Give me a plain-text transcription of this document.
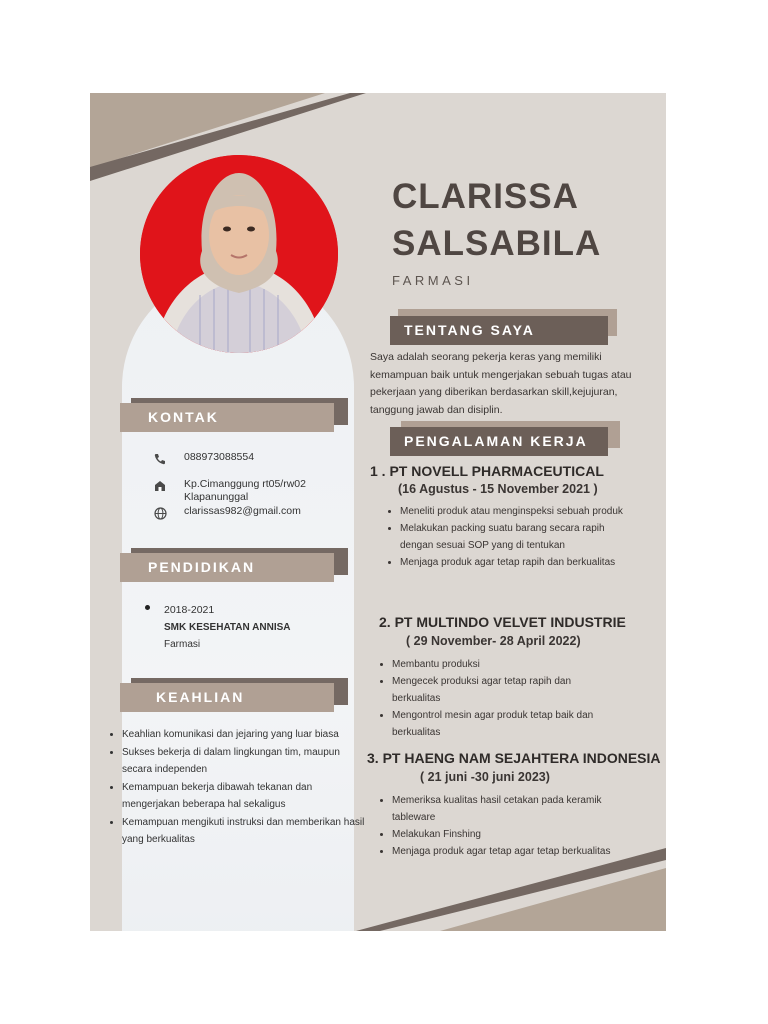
CLARISSA
SALSABILA
FARMASI
TENTANG SAYA
Saya adalah seorang pekerja keras yang memiliki kemampuan baik untuk mengerjakan sebuah tugas atau pekerjaan yang diberikan berdasarkan skill,kejujuran, tanggung jawab dan disiplin.
KONTAK
088973088554
Kp.Cimanggung rt05/rw02
Klapanunggal
clarissas982@gmail.com
PENDIDIKAN
2018-2021
SMK KESEHATAN ANNISA
Farmasi
KEAHLIAN
• Keahlian komunikasi dan jejaring yang luar biasa
• Sukses bekerja di dalam lingkungan tim, maupun secara independen
• Kemampuan bekerja dibawah tekanan dan mengerjakan beberapa hal sekaligus
• Kemampuan mengikuti instruksi dan memberikan hasil yang berkualitas
PENGALAMAN KERJA
1 . PT NOVELL PHARMACEUTICAL
(16 Agustus - 15 November 2021 )
• Meneliti produk atau menginspeksi sebuah produk
• Melakukan packing suatu barang secara rapih dengan sesuai SOP yang di tentukan
• Menjaga produk agar tetap rapih dan berkualitas
2. PT MULTINDO VELVET INDUSTRIE
( 29 November- 28 April 2022)
• Membantu produksi
• Mengecek produksi agar tetap rapih dan berkualitas
• Mengontrol mesin agar produk tetap baik dan berkualitas
3. PT HAENG NAM SEJAHTERA INDONESIA
( 21 juni -30 juni 2023)
• Memeriksa kualitas hasil cetakan pada keramik tableware
• Melakukan Finshing
• Menjaga produk agar tetap agar tetap berkualitas
